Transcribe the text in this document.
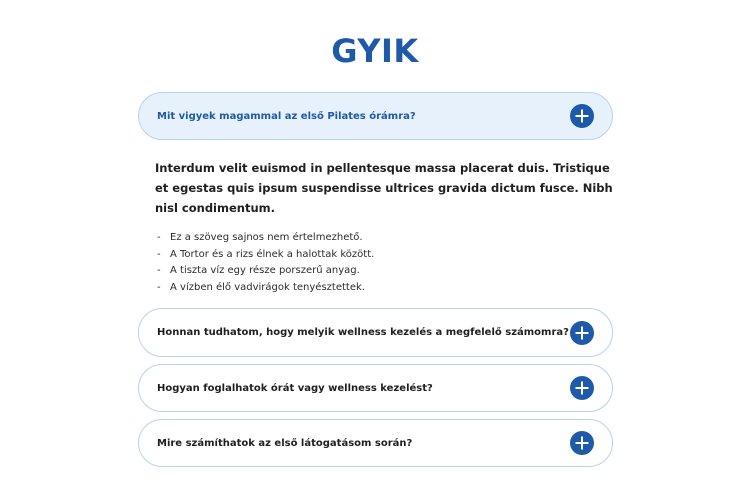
GYIK
Mit vigyek magammal az első Pilates órámra?

Interdum velit euismod in pellentesque massa placerat duis. Tristique et egestas quis ipsum suspendisse ultrices gravida dictum fusce. Nibh nisl condimentum.

- Ez a szöveg sajnos nem értelmezhető.
- A Tortor és a rizs élnek a halottak között.
- A tiszta víz egy része porszerű anyag.
- A vízben élő vadvirágok tenyésztettek.
Honnan tudhatom, hogy melyik wellness kezelés a megfelelő számomra?
Hogyan foglalhatok órát vagy wellness kezelést?
Mire számíthatok az első látogatásom során?
